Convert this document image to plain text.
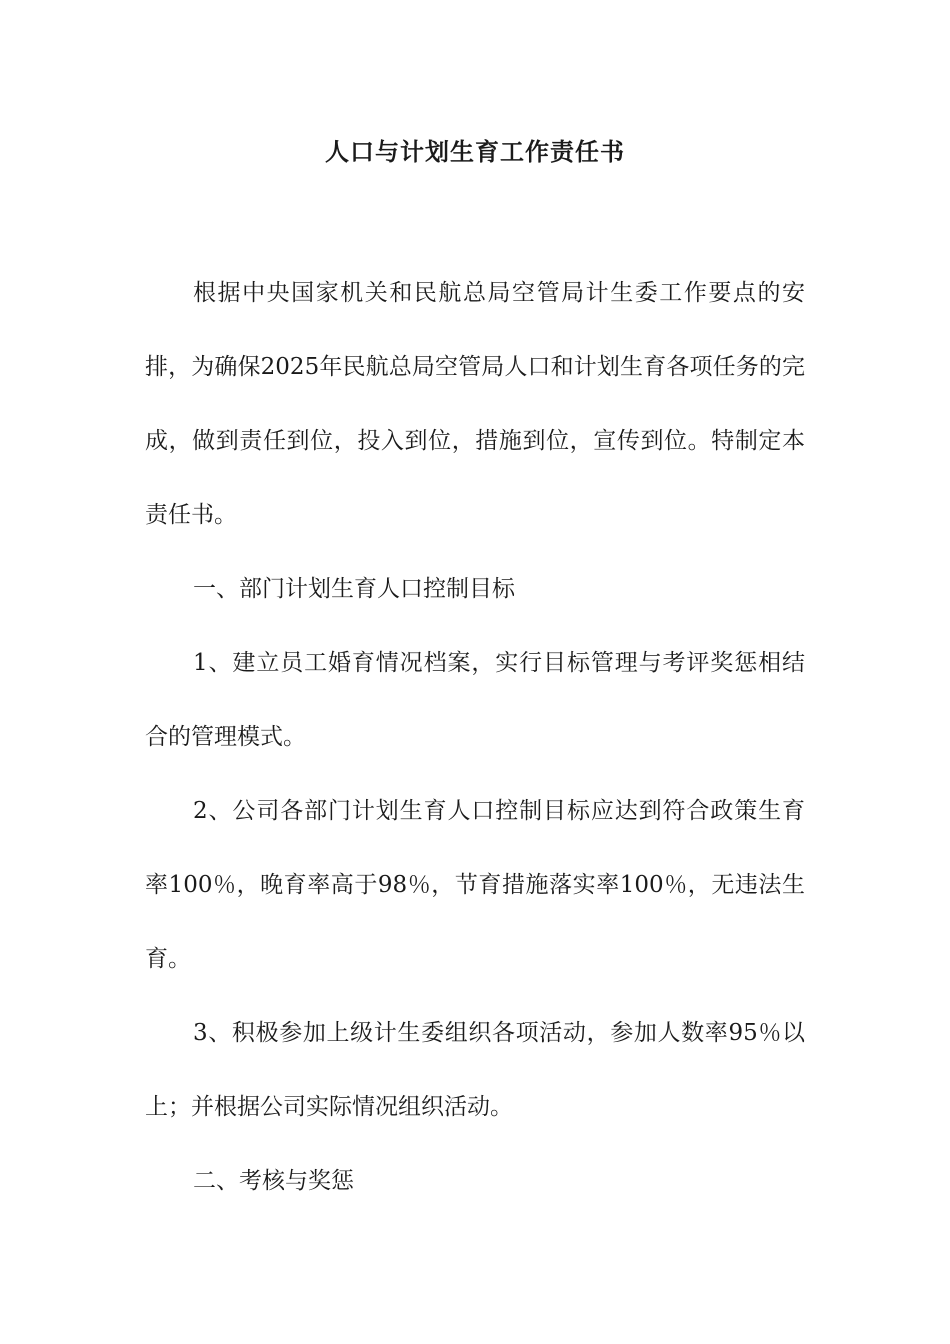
人口与计划生育工作责任书

根据中央国家机关和民航总局空管局计生委工作要点的安排，为确保2025年民航总局空管局人口和计划生育各项任务的完成，做到责任到位，投入到位，措施到位，宣传到位。特制定本责任书。

一、部门计划生育人口控制目标

1、建立员工婚育情况档案，实行目标管理与考评奖惩相结合的管理模式。

2、公司各部门计划生育人口控制目标应达到符合政策生育率100％，晚育率高于98％，节育措施落实率100％，无违法生育。

3、积极参加上级计生委组织各项活动，参加人数率95％以上；并根据公司实际情况组织活动。

二、考核与奖惩
